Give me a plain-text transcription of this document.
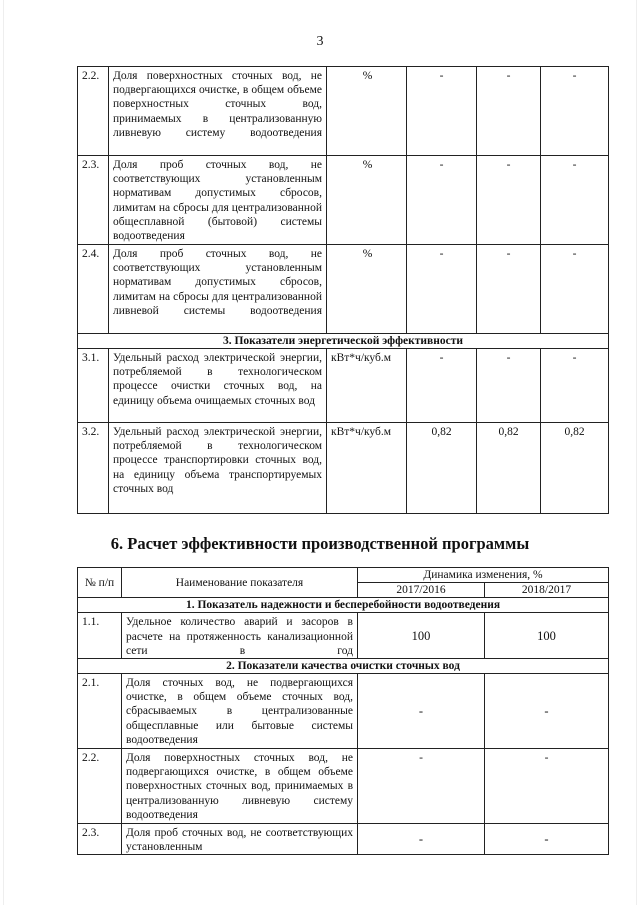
3
2.2.	Доля поверхностных сточных вод, не подвергающихся очистке, в общем объеме поверхностных сточных вод, принимаемых в централизованную ливневую систему водоотведения	%	-	-	-
2.3.	Доля проб сточных вод, не соответствующих установленным нормативам допустимых сбросов, лимитам на сбросы для централизованной общесплавной (бытовой) системы водоотведения	%	-	-	-
2.4.	Доля проб сточных вод, не соответствующих установленным нормативам допустимых сбросов, лимитам на сбросы для централизованной ливневой системы водоотведения	%	-	-	-
3. Показатели энергетической эффективности					
3.1.	Удельный расход электрической энергии, потребляемой в технологическом процессе очистки сточных вод, на единицу объема очищаемых сточных вод	кВт*ч/куб.м	-	-	-
3.2.	Удельный расход электрической энергии, потребляемой в технологическом процессе транспортировки сточных вод, на единицу объема транспортируемых сточных вод	кВт*ч/куб.м	0,82	0,82	0,82
6. Расчет эффективности производственной программы
№ п/п	Наименование показателя	Динамика изменения, %	
		2017/2016	2018/2017
1. Показатель надежности и бесперебойности водоотведения			
1.1.	Удельное количество аварий и засоров в расчете на протяженность канализационной сети в год	100	100
2. Показатели качества очистки сточных вод			
2.1.	Доля сточных вод, не подвергающихся очистке, в общем объеме сточных вод, сбрасываемых в централизованные общесплавные или бытовые системы водоотведения	-	-
2.2.	Доля поверхностных сточных вод, не подвергающихся очистке, в общем объеме поверхностных сточных вод, принимаемых в централизованную ливневую систему водоотведения	-	-
2.3.	Доля проб сточных вод, не соответствующих установленным	-	-
